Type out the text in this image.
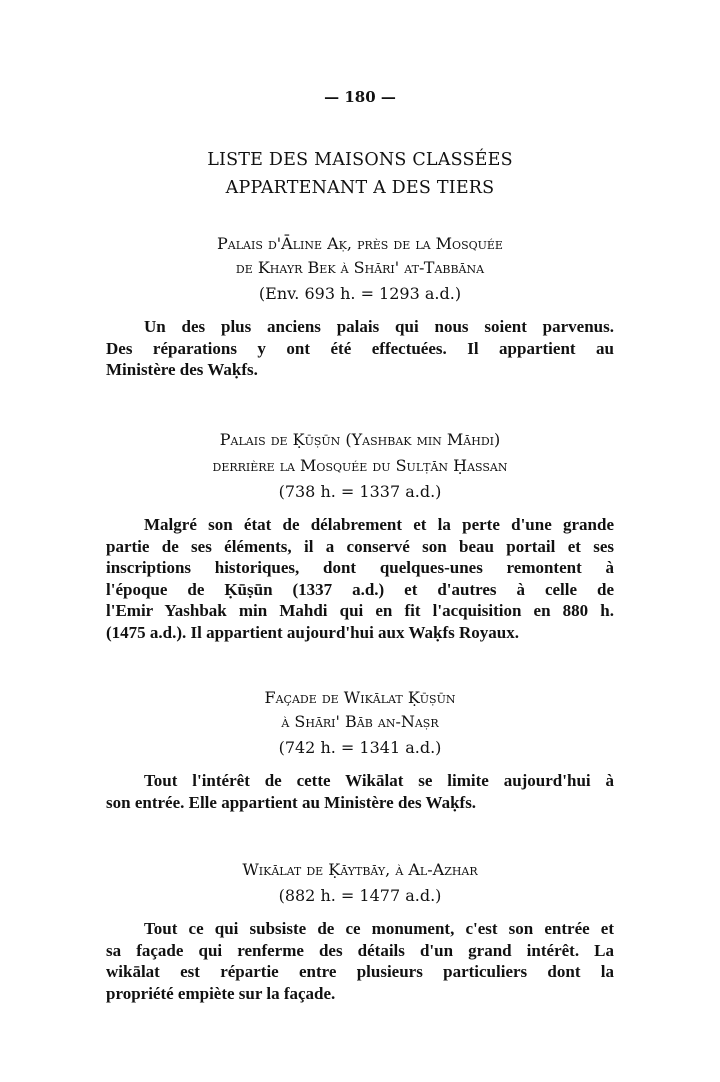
— 180 —
LISTE DES MAISONS CLASSÉES
APPARTENANT A DES TIERS
Palais d'Āline Aḳ, près de la Mosquée
de Khayr Bek à Shāri' at-Tabbāna
(Env. 693 h. = 1293 a.d.)
Un des plus anciens palais qui nous soient parvenus.
Des réparations y ont été effectuées. Il appartient au
Ministère des Waḳfs.
Palais de Ḳūṣūn (Yashbak min Māhdi)
derrière la Mosquée du Sulṭān Ḥassan
(738 h. = 1337 a.d.)
Malgré son état de délabrement et la perte d'une grande
partie de ses éléments, il a conservé son beau portail et ses
inscriptions historiques, dont quelques-unes remontent à
l'époque de Ḳūṣūn (1337 a.d.) et d'autres à celle de
l'Emir Yashbak min Mahdi qui en fit l'acquisition en 880 h.
(1475 a.d.). Il appartient aujourd'hui aux Waḳfs Royaux.
Façade de Wikālat Ḳūṣūn
à Shāri' Bāb an-Naṣr
(742 h. = 1341 a.d.)
Tout l'intérêt de cette Wikālat se limite aujourd'hui à
son entrée. Elle appartient au Ministère des Waḳfs.
Wikālat de Ḳāytbāy, à Al-Azhar
(882 h. = 1477 a.d.)
Tout ce qui subsiste de ce monument, c'est son entrée et
sa façade qui renferme des détails d'un grand intérêt. La
wikālat est répartie entre plusieurs particuliers dont la
propriété empiète sur la façade.
